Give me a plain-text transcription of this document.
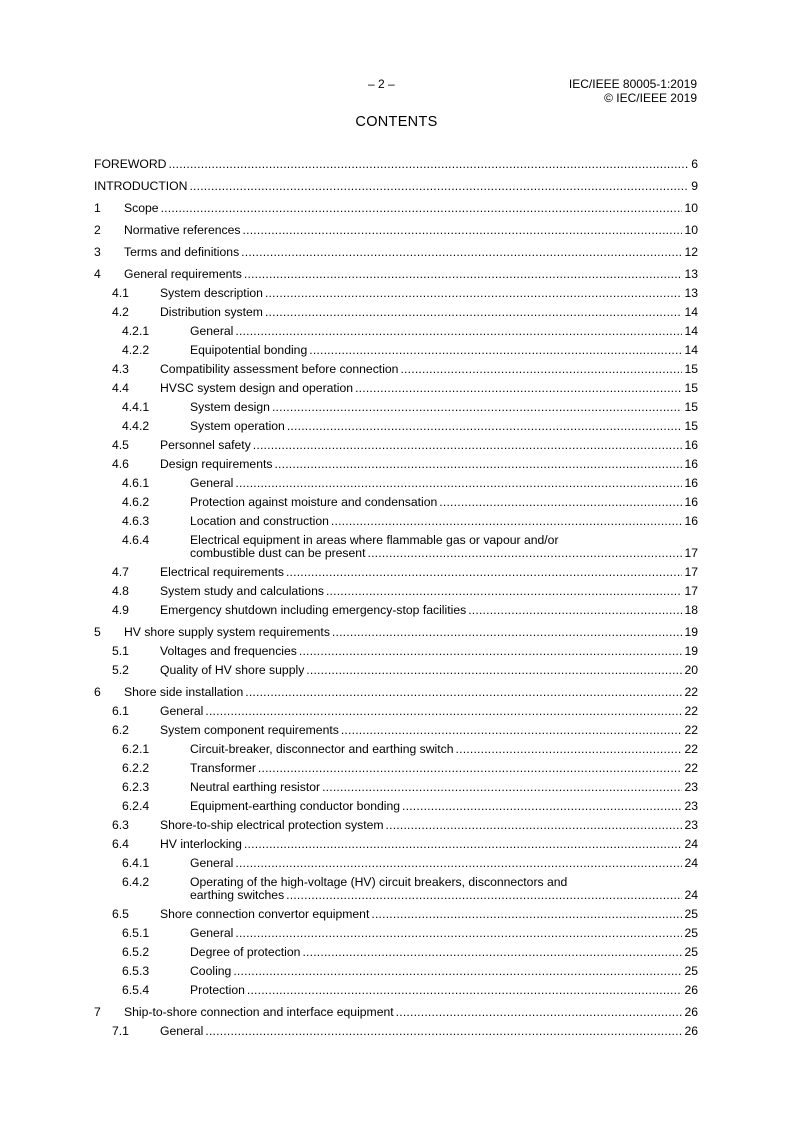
– 2 –	IEC/IEEE 80005-1:2019
© IEC/IEEE 2019
CONTENTS
FOREWORD .....	6
INTRODUCTION .....	9
1 Scope .....	10
2 Normative references .....	10
3 Terms and definitions .....	12
4 General requirements .....	13
4.1	System description .....	13
4.2	Distribution system .....	14
4.2.1	General .....	14
4.2.2	Equipotential bonding .....	14
4.3	Compatibility assessment before connection .....	15
4.4	HVSC system design and operation .....	15
4.4.1	System design .....	15
4.4.2	System operation .....	15
4.5	Personnel safety .....	16
4.6	Design requirements .....	16
4.6.1	General .....	16
4.6.2	Protection against moisture and condensation .....	16
4.6.3	Location and construction .....	16
4.6.4	Electrical equipment in areas where flammable gas or vapour and/or
combustible dust can be present .....	17
4.7	Electrical requirements .....	17
4.8	System study and calculations .....	17
4.9	Emergency shutdown including emergency-stop facilities .....	18
5 HV shore supply system requirements .....	19
5.1	Voltages and frequencies .....	19
5.2	Quality of HV shore supply .....	20
6 Shore side installation .....	22
6.1	General .....	22
6.2	System component requirements .....	22
6.2.1	Circuit-breaker, disconnector and earthing switch .....	22
6.2.2	Transformer .....	22
6.2.3	Neutral earthing resistor .....	23
6.2.4	Equipment-earthing conductor bonding .....	23
6.3	Shore-to-ship electrical protection system .....	23
6.4	HV interlocking .....	24
6.4.1	General .....	24
6.4.2	Operating of the high-voltage (HV) circuit breakers, disconnectors and
earthing switches .....	24
6.5	Shore connection convertor equipment .....	25
6.5.1	General .....	25
6.5.2	Degree of protection .....	25
6.5.3	Cooling .....	25
6.5.4	Protection .....	26
7 Ship-to-shore connection and interface equipment .....	26
7.1	General .....	26
